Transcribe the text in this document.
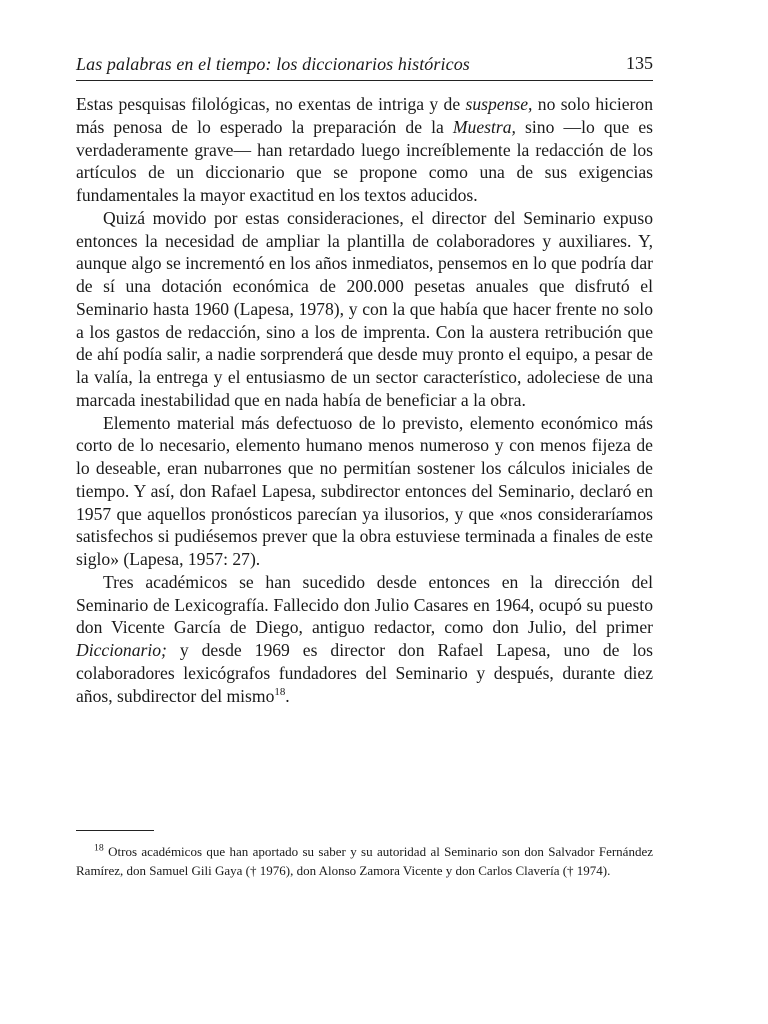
Las palabras en el tiempo: los diccionarios históricos	135

Estas pesquisas filológicas, no exentas de intriga y de suspense, no solo hicieron más penosa de lo esperado la preparación de la Muestra, sino —lo que es verdaderamente grave— han retardado luego increíblemente la redacción de los artículos de un diccionario que se propone como una de sus exigencias fundamentales la mayor exactitud en los textos aducidos.

Quizá movido por estas consideraciones, el director del Seminario expuso entonces la necesidad de ampliar la plantilla de colaboradores y auxiliares. Y, aunque algo se incrementó en los años inmediatos, pensemos en lo que podría dar de sí una dotación económica de 200.000 pesetas anuales que disfrutó el Seminario hasta 1960 (Lapesa, 1978), y con la que había que hacer frente no solo a los gastos de redacción, sino a los de imprenta. Con la austera retribución que de ahí podía salir, a nadie sorprenderá que desde muy pronto el equipo, a pesar de la valía, la entrega y el entusiasmo de un sector característico, adoleciese de una marcada inestabilidad que en nada había de beneficiar a la obra.

Elemento material más defectuoso de lo previsto, elemento económico más corto de lo necesario, elemento humano menos numeroso y con menos fijeza de lo deseable, eran nubarrones que no permitían sostener los cálculos iniciales de tiempo. Y así, don Rafael Lapesa, subdirector entonces del Seminario, declaró en 1957 que aquellos pronósticos parecían ya ilusorios, y que «nos consideraríamos satisfechos si pudiésemos prever que la obra estuviese terminada a finales de este siglo» (Lapesa, 1957: 27).

Tres académicos se han sucedido desde entonces en la dirección del Seminario de Lexicografía. Fallecido don Julio Casares en 1964, ocupó su puesto don Vicente García de Diego, antiguo redactor, como don Julio, del primer Diccionario; y desde 1969 es director don Rafael Lapesa, uno de los colaboradores lexicógrafos fundadores del Seminario y después, durante diez años, subdirector del mismo$^{18}$.

$^{18}$ Otros académicos que han aportado su saber y su autoridad al Seminario son don Salvador Fernández Ramírez, don Samuel Gili Gaya († 1976), don Alonso Zamora Vicente y don Carlos Clavería († 1974).
